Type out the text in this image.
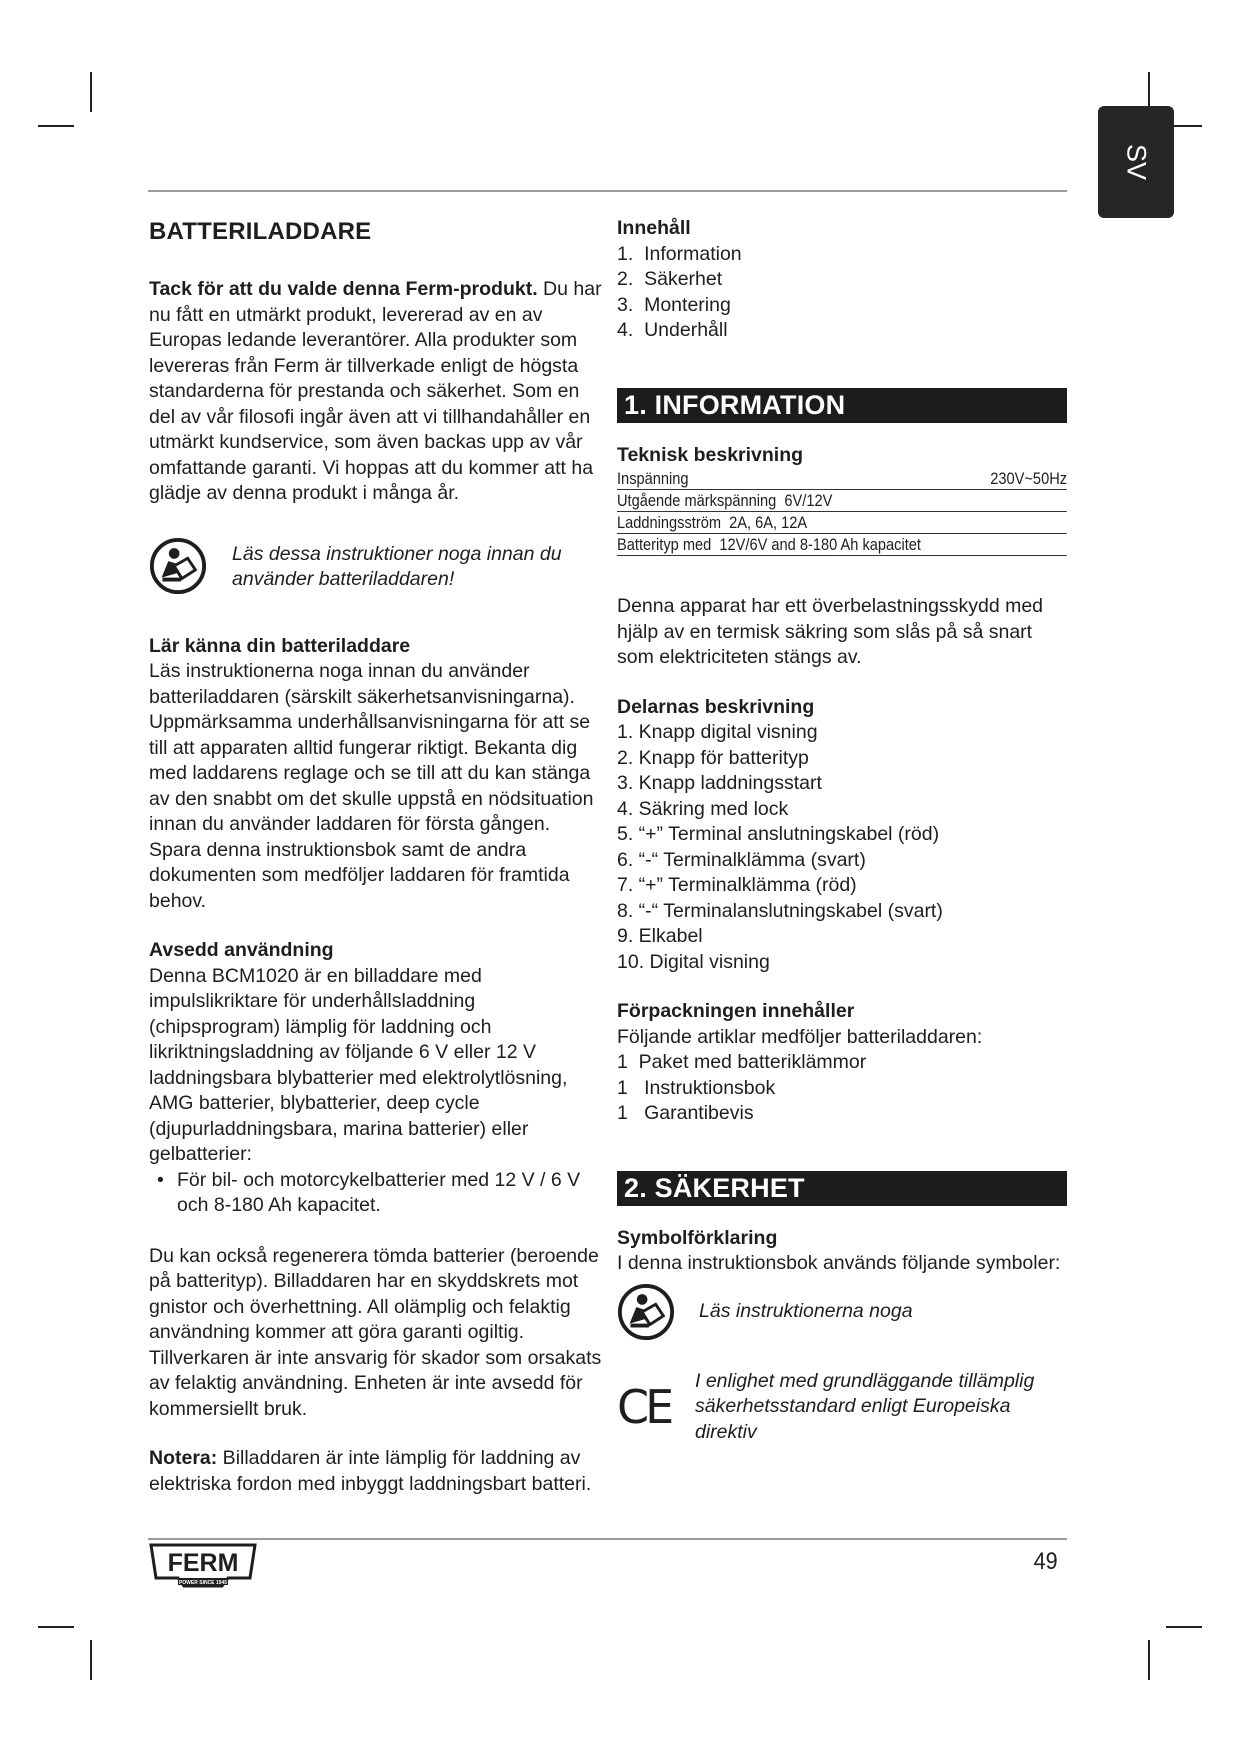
SV
BATTERILADDARE

Tack för att du valde denna Ferm-produkt. Du har nu fått en utmärkt produkt, levererad av en av Europas ledande leverantörer. Alla produkter som levereras från Ferm är tillverkade enligt de högsta standarderna för prestanda och säkerhet. Som en del av vår filosofi ingår även att vi tillhandahåller en utmärkt kundservice, som även backas upp av vår omfattande garanti. Vi hoppas att du kommer att ha glädje av denna produkt i många år.

Läs dessa instruktioner noga innan du använder batteriladdaren!

Lär känna din batteriladdare

Läs instruktionerna noga innan du använder batteriladdaren (särskilt säkerhetsanvisningarna). Uppmärksamma underhållsanvisningarna för att se till att apparaten alltid fungerar riktigt. Bekanta dig med laddarens reglage och se till att du kan stänga av den snabbt om det skulle uppstå en nödsituation innan du använder laddaren för första gången. Spara denna instruktionsbok samt de andra dokumenten som medföljer laddaren för framtida behov.

Avsedd användning

Denna BCM1020 är en billaddare med impulslikriktare för underhållsladdning (chipsprogram) lämplig för laddning och likriktningsladdning av följande 6 V eller 12 V laddningsbara blybatterier med elektrolytlösning, AMG batterier, blybatterier, deep cycle (djupurladdningsbara, marina batterier) eller gelbatterier:

• För bil- och motorcykelbatterier med 12 V / 6 V och 8-180 Ah kapacitet.

Du kan också regenerera tömda batterier (beroende på batterityp). Billaddaren har en skyddskrets mot gnistor och överhettning. All olämplig och felaktig användning kommer att göra garanti ogiltig. Tillverkaren är inte ansvarig för skador som orsakats av felaktig användning. Enheten är inte avsedd för kommersiellt bruk.

Notera: Billaddaren är inte lämplig för laddning av elektriska fordon med inbyggt laddningsbart batteri.

Innehåll

1.  Information
2.  Säkerhet
3.  Montering
4.  Underhåll
1. INFORMATION

Teknisk beskrivning

Inspänning	230V~50Hz
Utgående märkspänning  6V/12V
Laddningsström  2A, 6A, 12A
Batterityp med  12V/6V and 8-180 Ah kapacitet

Denna apparat har ett överbelastningsskydd med hjälp av en termisk säkring som slås på så snart som elektriciteten stängs av.

Delarnas beskrivning

1. Knapp digital visning
2. Knapp för batterityp
3. Knapp laddningsstart
4. Säkring med lock
5. “+” Terminal anslutningskabel (röd)
6. “-“ Terminalklämma (svart)
7. “+” Terminalklämma (röd)
8. “-“ Terminalanslutningskabel (svart)
9. Elkabel
10. Digital visning

Förpackningen innehåller

Följande artiklar medföljer batteriladdaren:

1  Paket med batteriklämmor
1   Instruktionsbok
1   Garantibevis
2. SÄKERHET

Symbolförklaring

I denna instruktionsbok används följande symboler:

Läs instruktionerna noga

CE	I enlighet med grundläggande tillämplig säkerhetsstandard enligt Europeiska direktiv

FERM
POWER SINCE 1945
49
